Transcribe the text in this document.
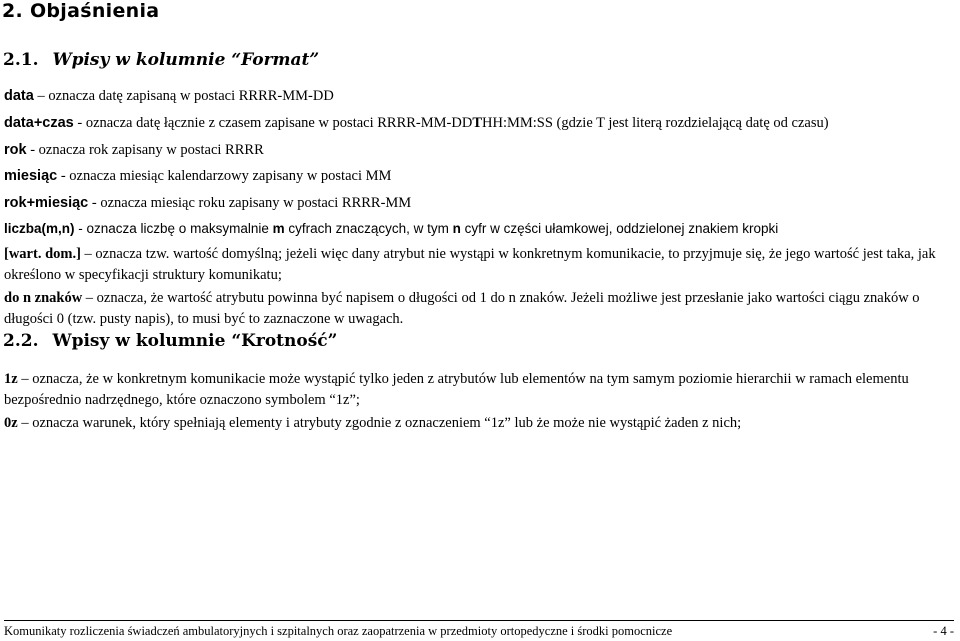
2. Objaśnienia
2.1. Wpisy w kolumnie “Format”
data – oznacza datę zapisaną w postaci RRRR-MM-DD
data+czas - oznacza datę łącznie z czasem zapisane w postaci RRRR-MM-DDTHH:MM:SS (gdzie T jest literą rozdzielającą datę od czasu)
rok - oznacza rok zapisany w postaci RRRR
miesiąc - oznacza miesiąc kalendarzowy zapisany w postaci MM
rok+miesiąc - oznacza miesiąc roku zapisany w postaci RRRR-MM
liczba(m,n) - oznacza liczbę o maksymalnie m cyfrach znaczących, w tym n cyfr w części ułamkowej, oddzielonej znakiem kropki
[wart. dom.] – oznacza tzw. wartość domyślną; jeżeli więc dany atrybut nie wystąpi w konkretnym komunikacie, to przyjmuje się, że jego wartość jest taka, jak określono w specyfikacji struktury komunikatu;
do n znaków – oznacza, że wartość atrybutu powinna być napisem o długości od 1 do n znaków. Jeżeli możliwe jest przesłanie jako wartości ciągu znaków o długości 0 (tzw. pusty napis), to musi być to zaznaczone w uwagach.
2.2. Wpisy w kolumnie “Krotność”
1z – oznacza, że w konkretnym komunikacie może wystąpić tylko jeden z atrybutów lub elementów na tym samym poziomie hierarchii w ramach elementu bezpośrednio nadrzędnego, które oznaczono symbolem “1z”;
0z – oznacza warunek, który spełniają elementy i atrybuty zgodnie z oznaczeniem “1z” lub że może nie wystąpić żaden z nich;
Komunikaty rozliczenia świadczeń ambulatoryjnych i szpitalnych oraz zaopatrzenia w przedmioty ortopedyczne i środki pomocnicze	- 4 -
